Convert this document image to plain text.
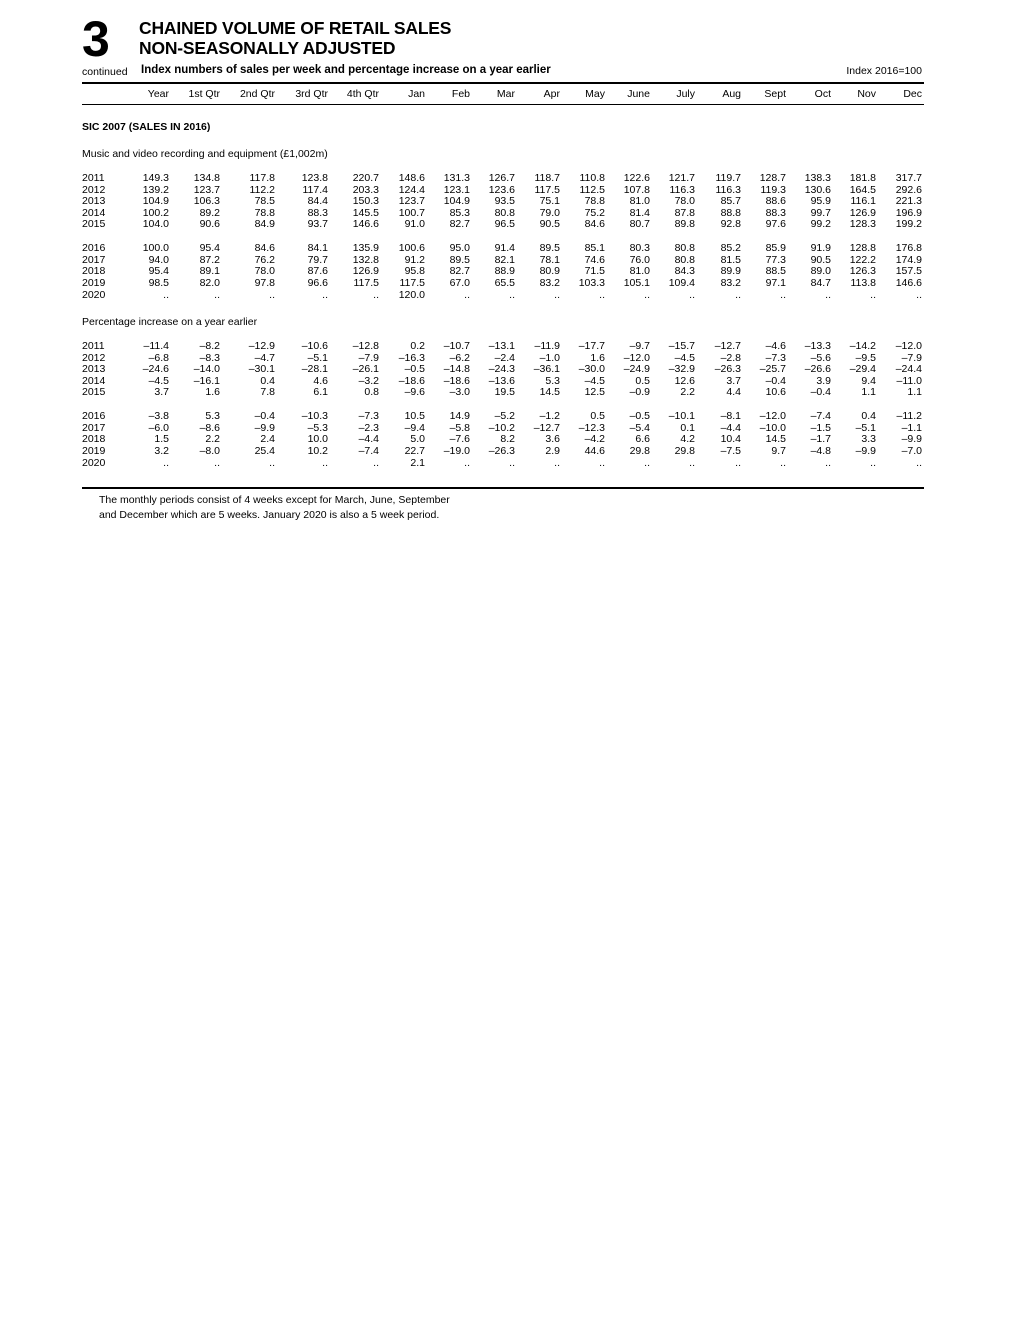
3
continued
CHAINED VOLUME OF RETAIL SALES
NON-SEASONALLY ADJUSTED
Index numbers of sales per week and percentage increase on a year earlier	Index 2016=100
Year 1st Qtr 2nd Qtr 3rd Qtr 4th Qtr	Jan	Feb	Mar	Apr May June	July	Aug Sept	Oct	Nov	Dec
SIC 2007 (SALES IN 2016)
Music and video recording and equipment (£1,002m)
2011	149.3 134.8	117.8	123.8 220.7 148.6 131.3 126.7 118.7 110.8 122.6 121.7 119.7 128.7 138.3 181.8 317.7
2012	139.2 123.7	112.2	117.4 203.3 124.4 123.1 123.6 117.5 112.5 107.8 116.3 116.3 119.3 130.6 164.5 292.6
2013	104.9 106.3	78.5	84.4 150.3 123.7 104.9 93.5 75.1 78.8 81.0 78.0 85.7 88.6 95.9 116.1 221.3
2014	100.2	89.2	78.8	88.3 145.5 100.7 85.3 80.8 79.0 75.2 81.4 87.8 88.8 88.3 99.7 126.9 196.9
2015	104.0	90.6	84.9	93.7 146.6 91.0 82.7 96.5 90.5 84.6 80.7 89.8 92.8 97.6 99.2 128.3 199.2
2016	100.0	95.4	84.6	84.1 135.9 100.6 95.0 91.4 89.5 85.1 80.3 80.8 85.2 85.9 91.9 128.8 176.8
2017	94.0	87.2	76.2	79.7 132.8 91.2 89.5 82.1 78.1 74.6 76.0 80.8 81.5 77.3 90.5 122.2 174.9
2018	95.4	89.1	78.0	87.6 126.9 95.8 82.7 88.9 80.9 71.5 81.0 84.3 89.9 88.5 89.0 126.3 157.5
2019	98.5	82.0	97.8	96.6 117.5 117.5 67.0 65.5 83.2 103.3 105.1 109.4 83.2 97.1 84.7 113.8 146.6
2020	..	..	..	..	.. 120.0	..	..	..	..	..	..	..	..	..	..	..
Percentage increase on a year earlier
2011	–11.4	–8.2	–12.9	–10.6 –12.8	0.2 –10.7 –13.1 –11.9 –17.7 –9.7 –15.7 –12.7 –4.6 –13.3 –14.2 –12.0
2012	–6.8	–8.3	–4.7	–5.1	–7.9 –16.3 –6.2 –2.4 –1.0	1.6 –12.0 –4.5 –2.8 –7.3 –5.6 –9.5 –7.9
2013	–24.6 –14.0	–30.1	–28.1 –26.1 –0.5 –14.8 –24.3 –36.1 –30.0 –24.9 –32.9 –26.3 –25.7 –26.6 –29.4 –24.4
2014	–4.5 –16.1	0.4	4.6	–3.2 –18.6 –18.6 –13.6	5.3 –4.5	0.5 12.6	3.7 –0.4	3.9	9.4 –11.0
2015	3.7	1.6	7.8	6.1	0.8 –9.6 –3.0 19.5 14.5 12.5 –0.9	2.2	4.4 10.6 –0.4	1.1	1.1
2016	–3.8	5.3	–0.4	–10.3	–7.3 10.5 14.9 –5.2 –1.2	0.5 –0.5 –10.1 –8.1 –12.0 –7.4	0.4 –11.2
2017	–6.0	–8.6	–9.9	–5.3	–2.3 –9.4 –5.8 –10.2 –12.7 –12.3 –5.4	0.1 –4.4 –10.0 –1.5 –5.1 –1.1
2018	1.5	2.2	2.4	10.0	–4.4	5.0 –7.6	8.2	3.6 –4.2	6.6	4.2 10.4 14.5 –1.7	3.3 –9.9
2019	3.2	–8.0	25.4	10.2	–7.4 22.7 –19.0 –26.3	2.9 44.6 29.8 29.8 –7.5	9.7 –4.8 –9.9 –7.0
2020	..	..	..	..	..	2.1	..	..	..	..	..	..	..	..	..	..	..
The monthly periods consist of 4 weeks except for March, June, September
and December which are 5 weeks. January 2020 is also a 5 week period.
